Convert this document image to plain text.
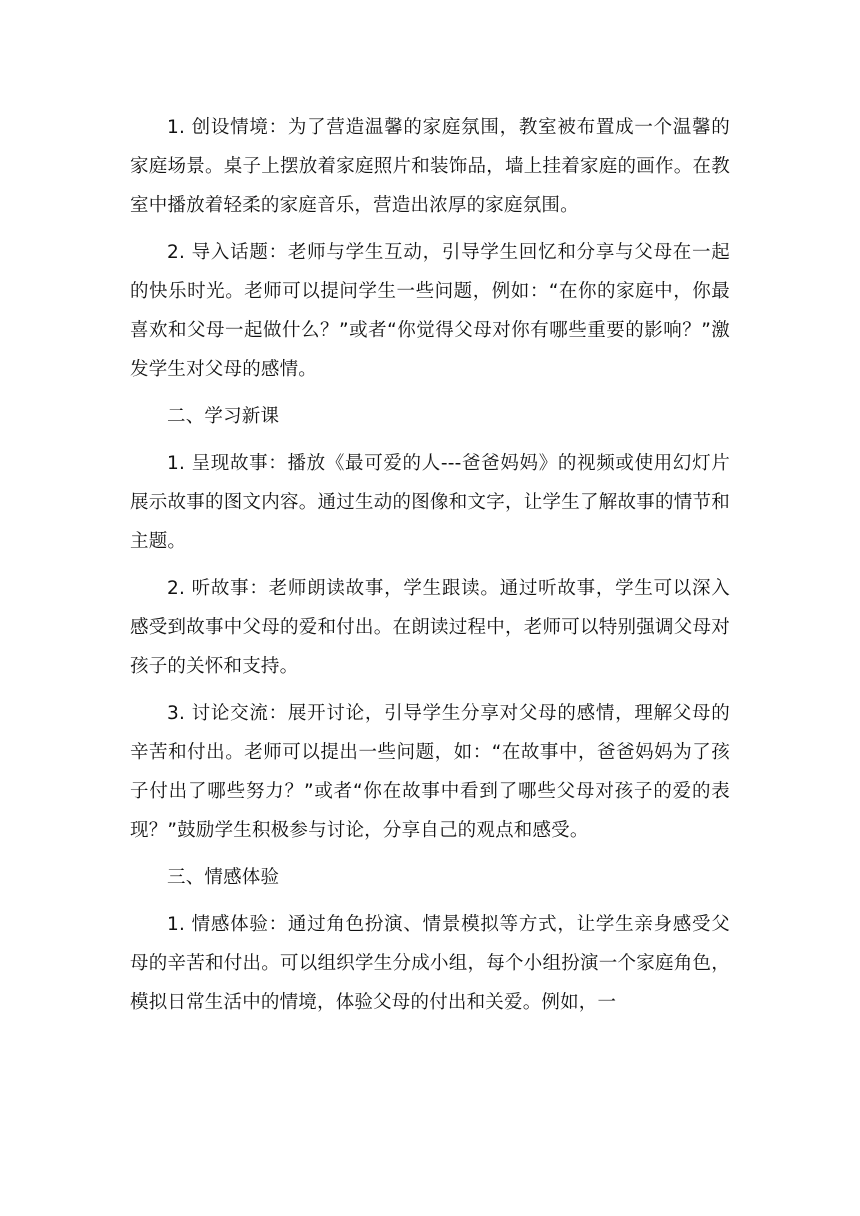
1. 创设情境：为了营造温馨的家庭氛围，教室被布置成一个温馨的家庭场景。桌子上摆放着家庭照片和装饰品，墙上挂着家庭的画作。在教室中播放着轻柔的家庭音乐，营造出浓厚的家庭氛围。

2. 导入话题：老师与学生互动，引导学生回忆和分享与父母在一起的快乐时光。老师可以提问学生一些问题，例如：“在你的家庭中，你最喜欢和父母一起做什么？”或者“你觉得父母对你有哪些重要的影响？”激发学生对父母的感情。

二、学习新课

1. 呈现故事：播放《最可爱的人---爸爸妈妈》的视频或使用幻灯片展示故事的图文内容。通过生动的图像和文字，让学生了解故事的情节和主题。

2. 听故事：老师朗读故事，学生跟读。通过听故事，学生可以深入感受到故事中父母的爱和付出。在朗读过程中，老师可以特别强调父母对孩子的关怀和支持。

3. 讨论交流：展开讨论，引导学生分享对父母的感情，理解父母的辛苦和付出。老师可以提出一些问题，如：“在故事中，爸爸妈妈为了孩子付出了哪些努力？”或者“你在故事中看到了哪些父母对孩子的爱的表现？”鼓励学生积极参与讨论，分享自己的观点和感受。

三、情感体验

1. 情感体验：通过角色扮演、情景模拟等方式，让学生亲身感受父母的辛苦和付出。可以组织学生分成小组，每个小组扮演一个家庭角色，模拟日常生活中的情境，体验父母的付出和关爱。例如，一
